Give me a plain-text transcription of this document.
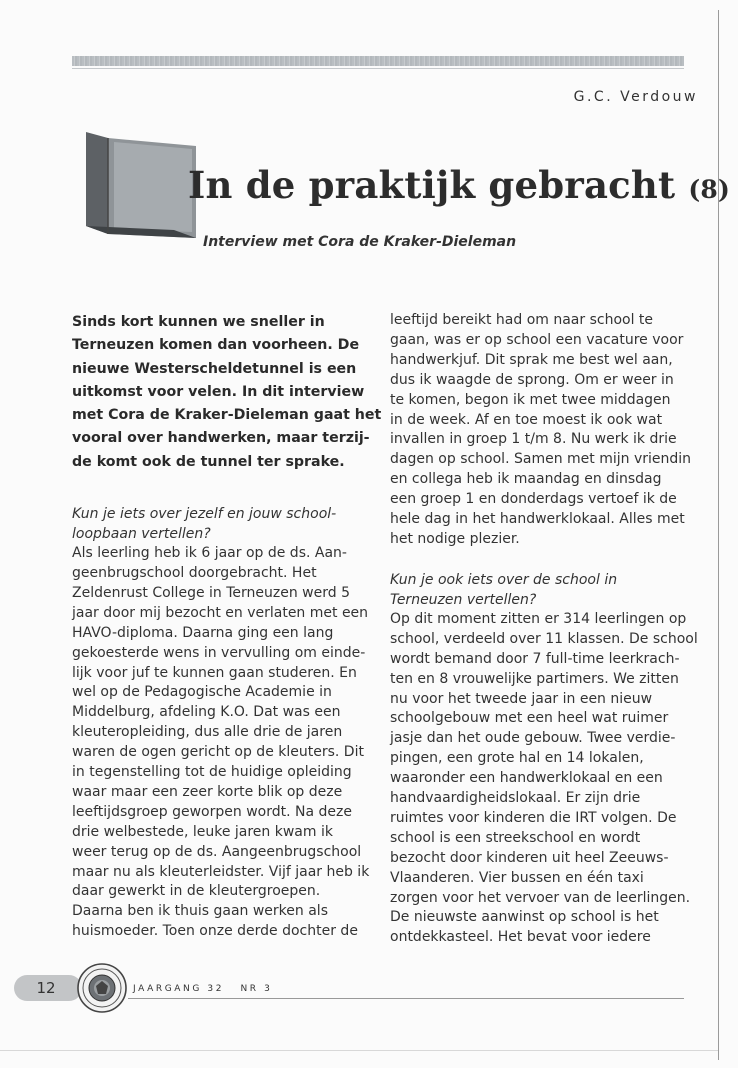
G.C. Verdouw
In de praktijk gebracht (8)
Interview met Cora de Kraker-Dieleman

Sinds kort kunnen we sneller in
Terneuzen komen dan voorheen. De
nieuwe Westerscheldetunnel is een
uitkomst voor velen. In dit interview
met Cora de Kraker-Dieleman gaat het
vooral over handwerken, maar terzij-
de komt ook de tunnel ter sprake.

Kun je iets over jezelf en jouw school-
loopbaan vertellen?

Als leerling heb ik 6 jaar op de ds. Aan-
geenbrugschool doorgebracht. Het
Zeldenrust College in Terneuzen werd 5
jaar door mij bezocht en verlaten met een
HAVO-diploma. Daarna ging een lang
gekoesterde wens in vervulling om einde-
lijk voor juf te kunnen gaan studeren. En
wel op de Pedagogische Academie in
Middelburg, afdeling K.O. Dat was een
kleuteropleiding, dus alle drie de jaren
waren de ogen gericht op de kleuters. Dit
in tegenstelling tot de huidige opleiding
waar maar een zeer korte blik op deze
leeftijdsgroep geworpen wordt. Na deze
drie welbestede, leuke jaren kwam ik
weer terug op de ds. Aangeenbrugschool
maar nu als kleuterleidster. Vijf jaar heb ik
daar gewerkt in de kleutergroepen.
Daarna ben ik thuis gaan werken als
huismoeder. Toen onze derde dochter de

leeftijd bereikt had om naar school te
gaan, was er op school een vacature voor
handwerkjuf. Dit sprak me best wel aan,
dus ik waagde de sprong. Om er weer in
te komen, begon ik met twee middagen
in de week. Af en toe moest ik ook wat
invallen in groep 1 t/m 8. Nu werk ik drie
dagen op school. Samen met mijn vriendin
en collega heb ik maandag en dinsdag
een groep 1 en donderdags vertoef ik de
hele dag in het handwerklokaal. Alles met
het nodige plezier.

Kun je ook iets over de school in
Terneuzen vertellen?

Op dit moment zitten er 314 leerlingen op
school, verdeeld over 11 klassen. De school
wordt bemand door 7 full-time leerkrach-
ten en 8 vrouwelijke partimers. We zitten
nu voor het tweede jaar in een nieuw
schoolgebouw met een heel wat ruimer
jasje dan het oude gebouw. Twee verdie-
pingen, een grote hal en 14 lokalen,
waaronder een handwerklokaal en een
handvaardigheidslokaal. Er zijn drie
ruimtes voor kinderen die IRT volgen. De
school is een streekschool en wordt
bezocht door kinderen uit heel Zeeuws-
Vlaanderen. Vier bussen en één taxi
zorgen voor het vervoer van de leerlingen.
De nieuwste aanwinst op school is het
ontdekkasteel. Het bevat voor iedere

12	JAARGANG 32 NR 3
